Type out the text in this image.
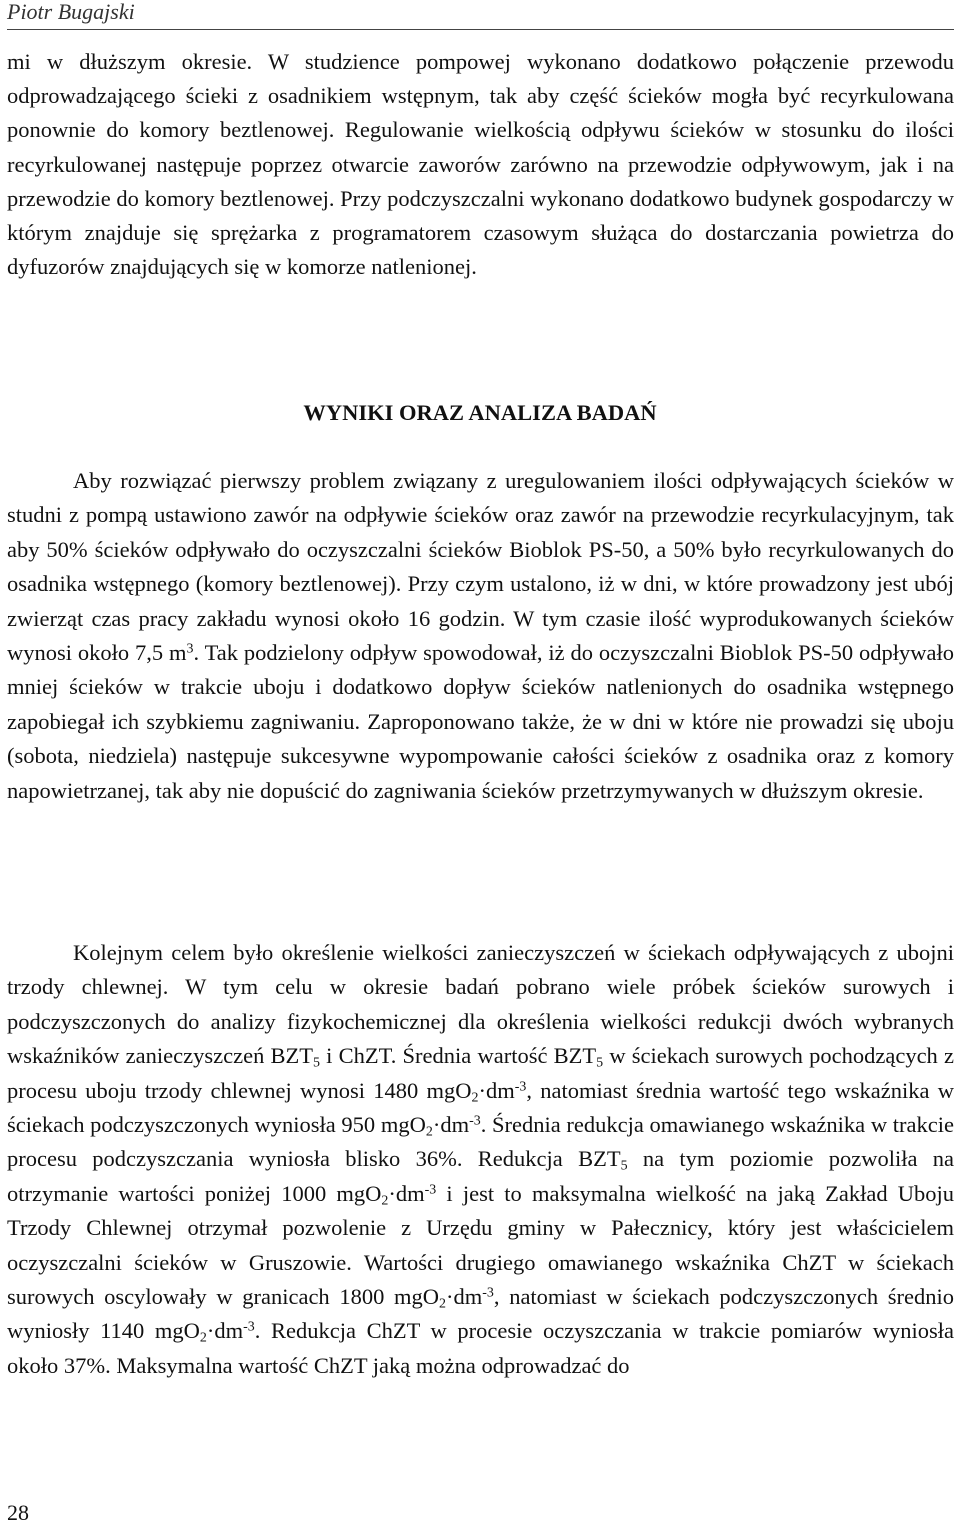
Piotr Bugajski

mi w dłuższym okresie. W studzience pompowej wykonano dodatkowo połączenie przewodu odprowadzającego ścieki z osadnikiem wstępnym, tak aby część ścieków mogła być recyrkulowana ponownie do komory beztlenowej. Regulowanie wielkością odpływu ścieków w stosunku do ilości recyrkulowanej następuje poprzez otwarcie zaworów zarówno na przewodzie odpływowym, jak i na przewodzie do komory beztlenowej. Przy podczyszczalni wykonano dodatkowo budynek gospodarczy w którym znajduje się sprężarka z programatorem czasowym służąca do dostarczania powietrza do dyfuzorów znajdujących się w komorze natlenionej.

WYNIKI ORAZ ANALIZA BADAŃ

Aby rozwiązać pierwszy problem związany z uregulowaniem ilości odpływających ścieków w studni z pompą ustawiono zawór na odpływie ścieków oraz zawór na przewodzie recyrkulacyjnym, tak aby 50% ścieków odpływało do oczyszczalni ścieków Bioblok PS-50, a 50% było recyrkulowanych do osadnika wstępnego (komory beztlenowej). Przy czym ustalono, iż w dni, w które prowadzony jest ubój zwierząt czas pracy zakładu wynosi około 16 godzin. W tym czasie ilość wyprodukowanych ścieków wynosi około 7,5 $m^3$. Tak podzielony odpływ spowodował, iż do oczyszczalni Bioblok PS-50 odpływało mniej ścieków w trakcie uboju i dodatkowo dopływ ścieków natlenionych do osadnika wstępnego zapobiegał ich szybkiemu zagniwaniu. Zaproponowano także, że w dni w które nie prowadzi się uboju (sobota, niedziela) następuje sukcesywne wypompowanie całości ścieków z osadnika oraz z komory napowietrzanej, tak aby nie dopuścić do zagniwania ścieków przetrzymywanych w dłuższym okresie.

Kolejnym celem było określenie wielkości zanieczyszczeń w ściekach odpływających z ubojni trzody chlewnej. W tym celu w okresie badań pobrano wiele próbek ścieków surowych i podczyszczonych do analizy fizykochemicznej dla określenia wielkości redukcji dwóch wybranych wskaźników zanieczyszczeń $BZT_5$ i ChZT. Średnia wartość $BZT_5$ w ściekach surowych pochodzących z procesu uboju trzody chlewnej wynosi 1480 $mgO_2\cdot dm^{-3}$, natomiast średnia wartość tego wskaźnika w ściekach podczyszczonych wyniosła 950 $mgO_2\cdot dm^{-3}$. Średnia redukcja omawianego wskaźnika w trakcie procesu podczyszczania wyniosła blisko 36%. Redukcja $BZT_5$ na tym poziomie pozwoliła na otrzymanie wartości poniżej 1000 $mgO_2\cdot dm^{-3}$ i jest to maksymalna wielkość na jaką Zakład Uboju Trzody Chlewnej otrzymał pozwolenie z Urzędu gminy w Pałecznicy, który jest właścicielem oczyszczalni ścieków w Gruszowie. Wartości drugiego omawianego wskaźnika ChZT w ściekach surowych oscylowały w granicach 1800 $mgO_2\cdot dm^{-3}$, natomiast w ściekach podczyszczonych średnio wyniosły 1140 $mgO_2\cdot dm^{-3}$. Redukcja ChZT w procesie oczyszczania w trakcie pomiarów wyniosła około 37%. Maksymalna wartość ChZT jaką można odprowadzać do

28
